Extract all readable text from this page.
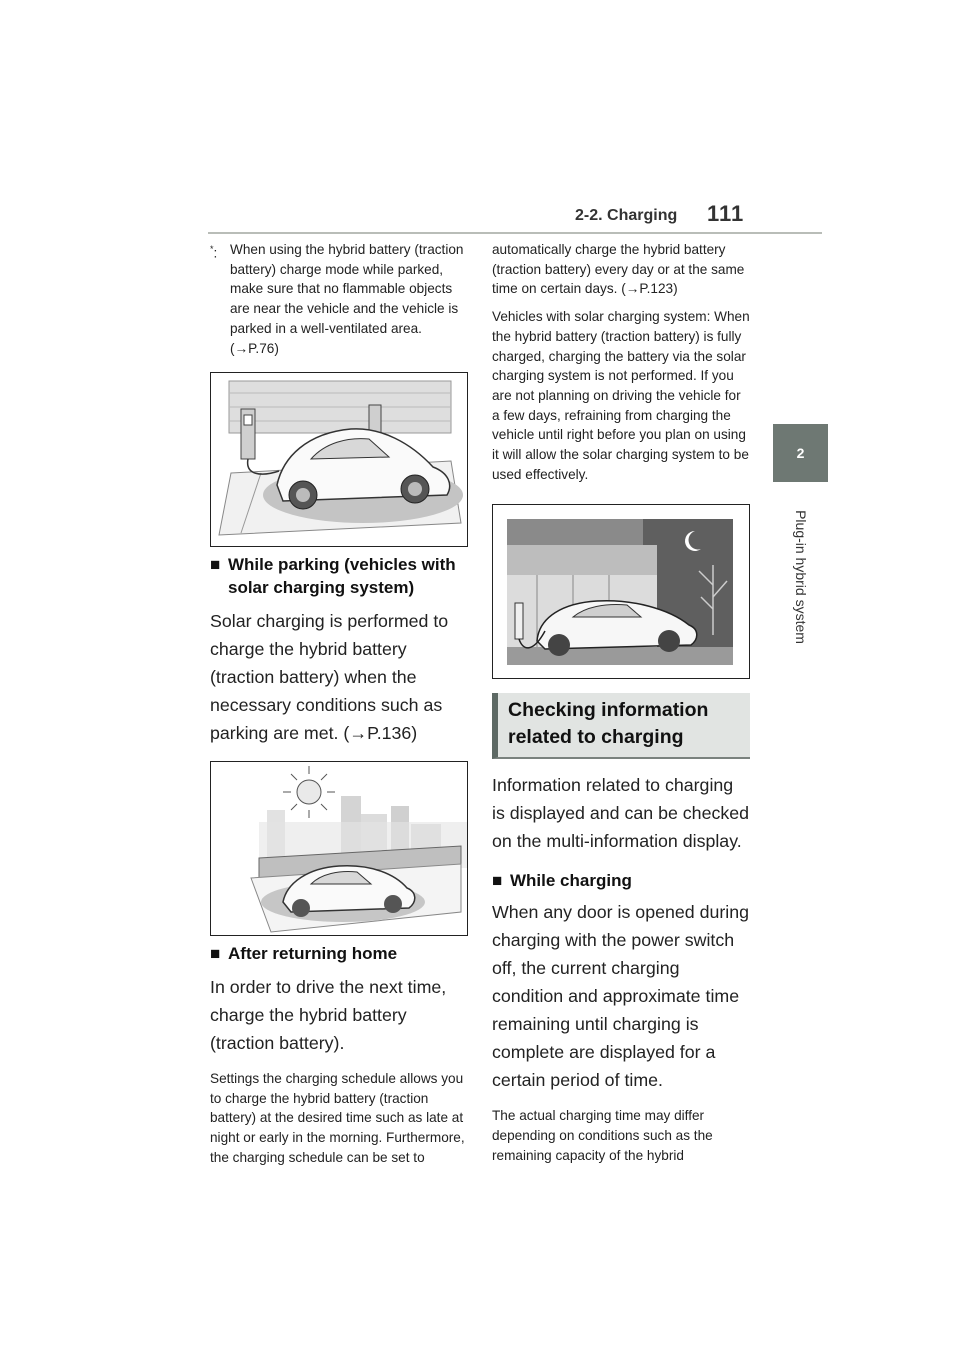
2-2. Charging 111
2
Plug-in hybrid system
*: When using the hybrid battery (traction battery) charge mode while parked, make sure that no flammable objects are near the vehicle and the vehicle is parked in a well-ventilated area. (→P.76)
■ While parking (vehicles with solar charging system)
Solar charging is performed to charge the hybrid battery (traction battery) when the necessary conditions such as parking are met. (→P.136)
■ After returning home
In order to drive the next time, charge the hybrid battery (traction battery).
Settings the charging schedule allows you to charge the hybrid battery (traction battery) at the desired time such as late at night or early in the morning. Furthermore, the charging schedule can be set to
automatically charge the hybrid battery (traction battery) every day or at the same time on certain days. (→P.123)
Vehicles with solar charging system: When the hybrid battery (traction battery) is fully charged, charging the battery via the solar charging system is not performed. If you are not planning on driving the vehicle for a few days, refraining from charging the vehicle until right before you plan on using it will allow the solar charging system to be used effectively.
Checking information related to charging
Information related to charging is displayed and can be checked on the multi-information display.
■ While charging
When any door is opened during charging with the power switch off, the current charging condition and approximate time remaining until charging is complete are displayed for a certain period of time.
The actual charging time may differ depending on conditions such as the remaining capacity of the hybrid
